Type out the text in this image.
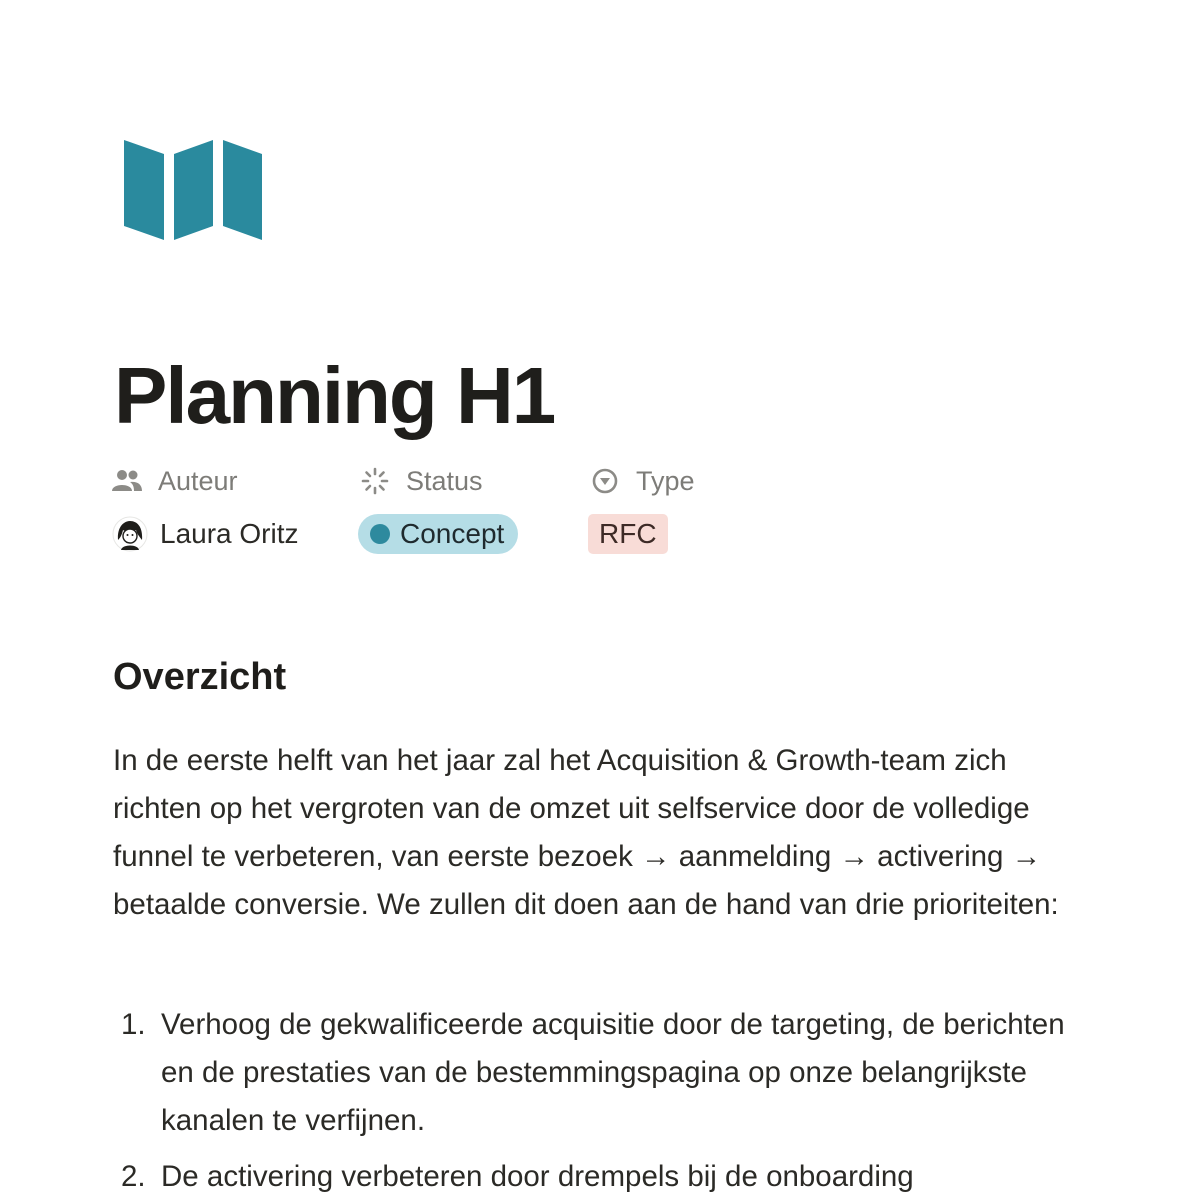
Planning H1
Auteur	Status	Type
Laura Oritz	Concept	RFC
Overzicht

In de eerste helft van het jaar zal het Acquisition & Growth-team zich richten op het vergroten van de omzet uit selfservice door de volledige funnel te verbeteren, van eerste bezoek → aanmelding → activering → betaalde conversie. We zullen dit doen aan de hand van drie prioriteiten:

1. Verhoog de gekwalificeerde acquisitie door de targeting, de berichten en de prestaties van de bestemmingspagina op onze belangrijkste kanalen te verfijnen.
2. De activering verbeteren door drempels bij de onboarding
